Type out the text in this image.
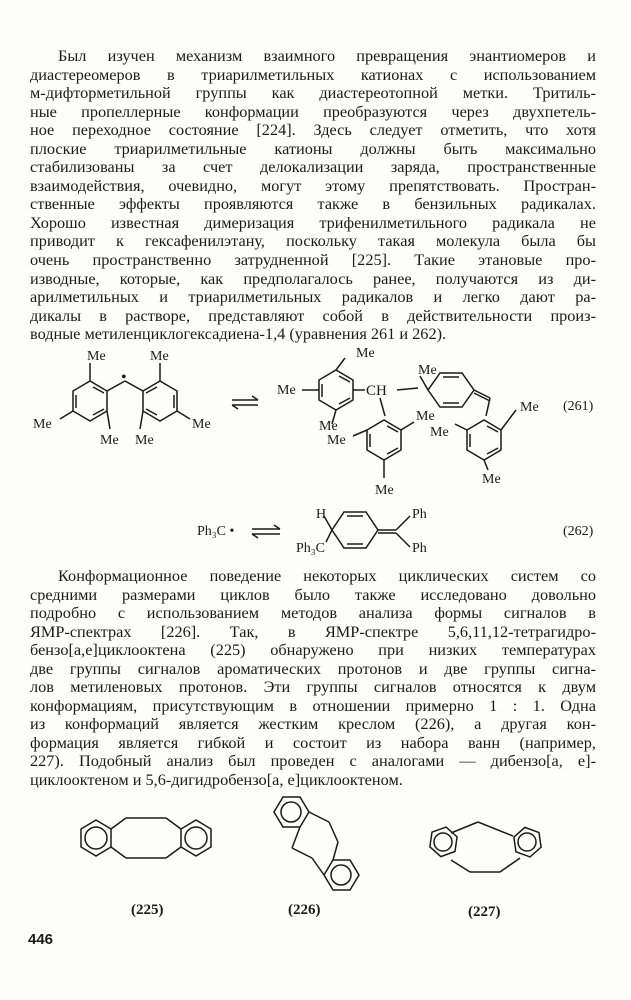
Был изучен механизм взаимного превращения энантиомеров и
диастереомеров в триарилметильных катионах с использованием
м-дифторметильной группы как диастереотопной метки. Тритиль-
ные пропеллерные конформации преобразуются через двухпетель-
ное переходное состояние [224]. Здесь следует отметить, что хотя
плоские триарилметильные катионы должны быть максимально
стабилизованы за счет делокализации заряда, пространственные
взаимодействия, очевидно, могут этому препятствовать. Простран-
ственные эффекты проявляются также в бензильных радикалах.
Хорошо известная димеризация трифенилметильного радикала не
приводит к гексафенилэтану, поскольку такая молекула была бы
очень пространственно затрудненной [225]. Такие этановые про-
изводные, которые, как предполагалось ранее, получаются из ди-
арилметильных и триарилметильных радикалов и легко дают ра-
дикалы в растворе, представляют собой в действительности произ-
водные метиленциклогексадиена-1,4 (уравнения 261 и 262).
Me
Me
Me
Me
Me
Me
•
Me
Me
Me
Me
Me
Me
Me
Me
Me
Me
CH
(261)
Ph₃C •
H
Ph₃C
Ph
Ph
(262)
(225)	(226)	(227)
Конформационное поведение некоторых циклических систем со
средними размерами циклов было также исследовано довольно
подробно с использованием методов анализа формы сигналов в
ЯМР-спектрах [226]. Так, в ЯМР-спектре 5,6,11,12-тетрагидро-
бензо[a,e]циклооктена (225) обнаружено при низких температурах
две группы сигналов ароматических протонов и две группы сигна-
лов метиленовых протонов. Эти группы сигналов относятся к двум
конформациям, присутствующим в отношении примерно 1 : 1. Одна
из конформаций является жестким креслом (226), а другая кон-
формация является гибкой и состоит из набора ванн (например,
227). Подобный анализ был проведен с аналогами — дибензо[a, e]-
циклооктеном и 5,6-дигидробензо[a, e]циклооктеном.
446
